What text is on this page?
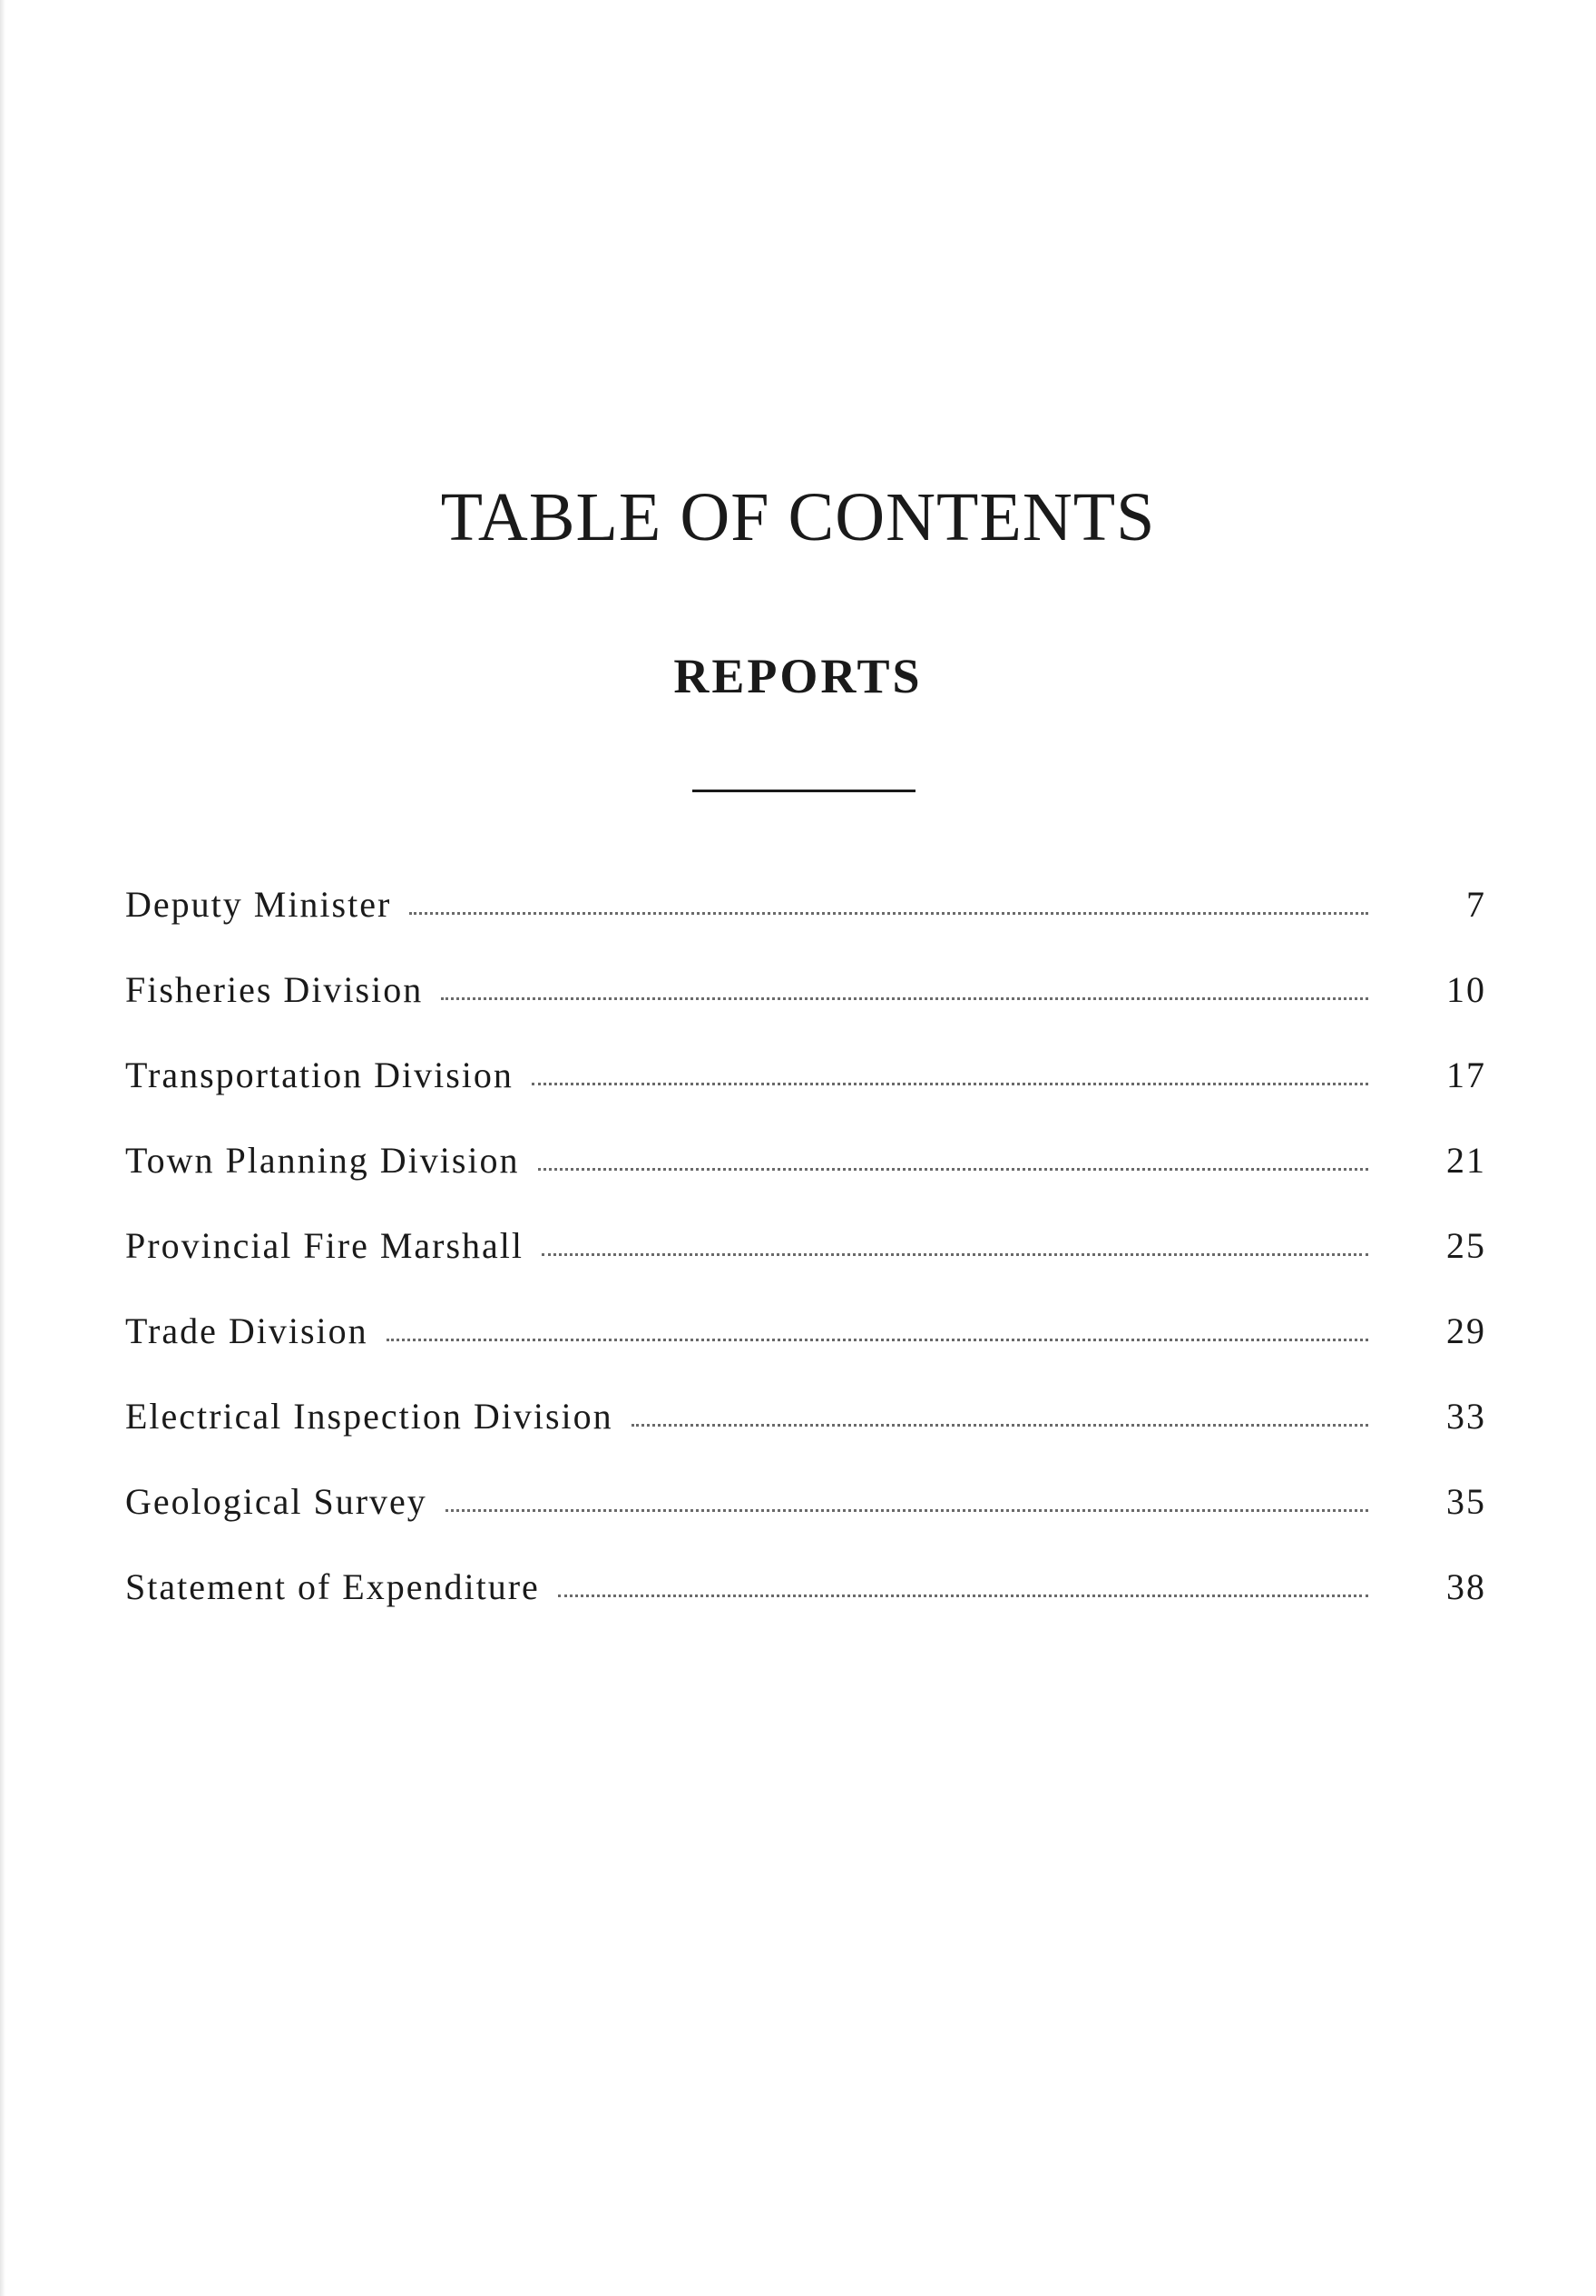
TABLE OF CONTENTS
REPORTS
Deputy Minister	7
Fisheries Division	10
Transportation Division	17
Town Planning Division	21
Provincial Fire Marshall	25
Trade Division	29
Electrical Inspection Division	33
Geological Survey	35
Statement of Expenditure	38
